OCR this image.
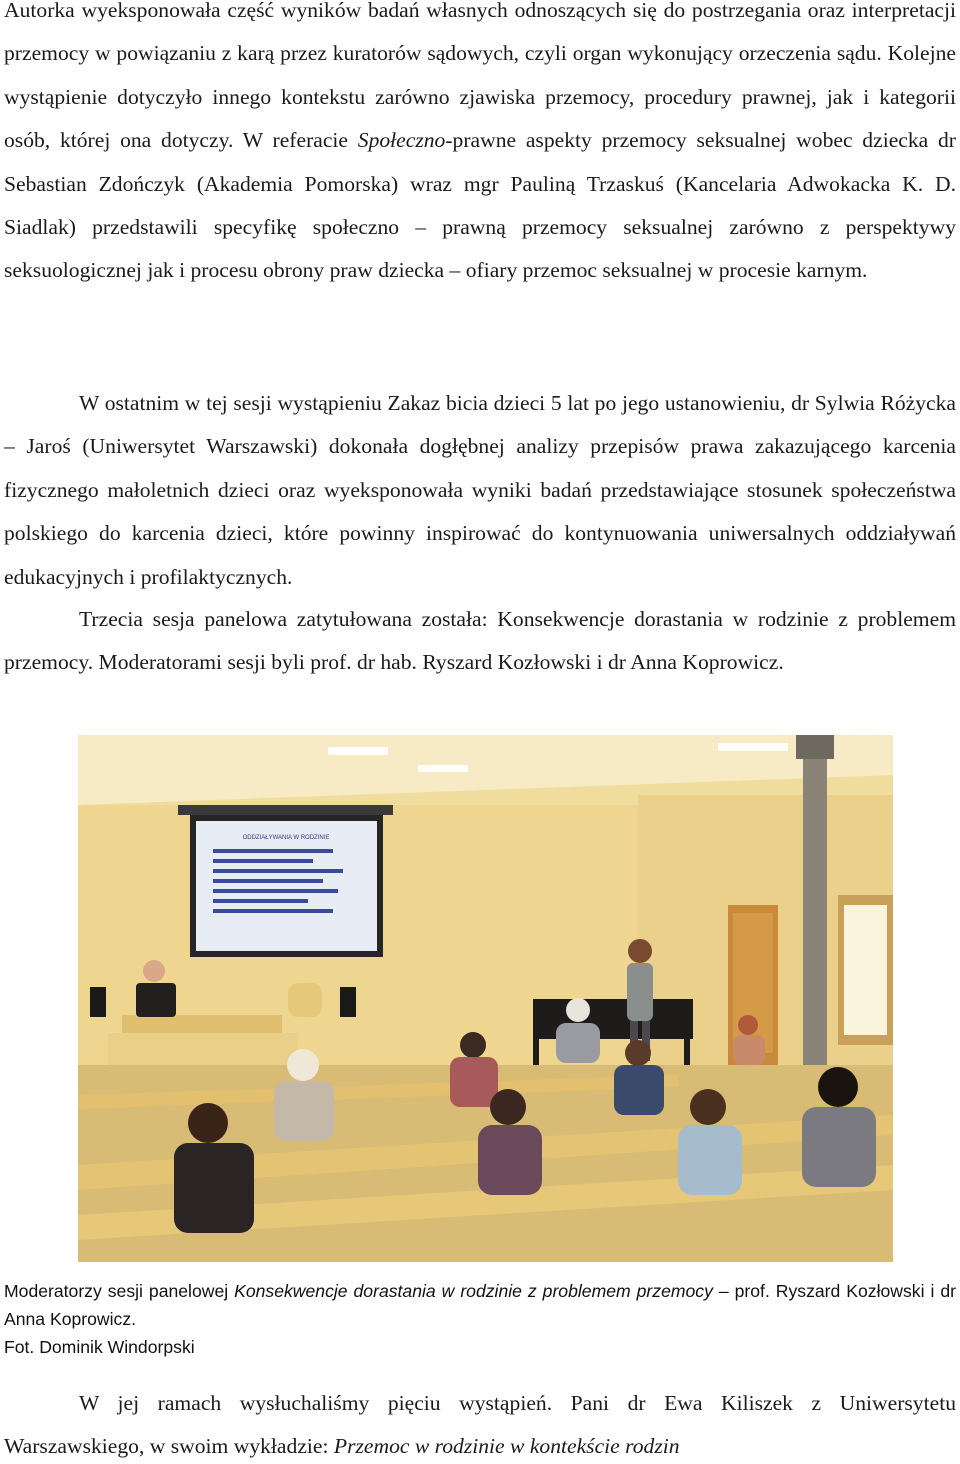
Autorka wyeksponowała część wyników badań własnych odnoszących się do postrzegania oraz interpretacji przemocy w powiązaniu z karą przez kuratorów sądowych, czyli organ wykonujący orzeczenia sądu. Kolejne wystąpienie dotyczyło innego kontekstu zarówno zjawiska przemocy, procedury prawnej, jak i kategorii osób, której ona dotyczy. W referacie Społeczno-prawne aspekty przemocy seksualnej wobec dziecka dr Sebastian Zdończyk (Akademia Pomorska) wraz mgr Pauliną Trzaskuś (Kancelaria Adwokacka K. D. Siadlak) przedstawili specyfikę społeczno – prawną przemocy seksualnej zarówno z perspektywy seksuologicznej jak i procesu obrony praw dziecka – ofiary przemoc seksualnej w procesie karnym.

W ostatnim w tej sesji wystąpieniu Zakaz bicia dzieci 5 lat po jego ustanowieniu, dr Sylwia Różycka – Jaroś (Uniwersytet Warszawski) dokonała dogłębnej analizy przepisów prawa zakazującego karcenia fizycznego małoletnich dzieci oraz wyeksponowała wyniki badań przedstawiające stosunek społeczeństwa polskiego do karcenia dzieci, które powinny inspirować do kontynuowania uniwersalnych oddziaływań edukacyjnych i profilaktycznych.

Trzecia sesja panelowa zatytułowana została: Konsekwencje dorastania w rodzinie z problemem przemocy. Moderatorami sesji byli prof. dr hab. Ryszard Kozłowski i dr Anna Koprowicz.

ODDZIAŁYWANIA W RODZINIE

Moderatorzy sesji panelowej Konsekwencje dorastania w rodzinie z problemem przemocy – prof. Ryszard Kozłowski i dr Anna Koprowicz.

Fot. Dominik Windorpski

W jej ramach wysłuchaliśmy pięciu wystąpień. Pani dr Ewa Kiliszek z Uniwersytetu Warszawskiego, w swoim wykładzie: Przemoc w rodzinie w kontekście rodzin
